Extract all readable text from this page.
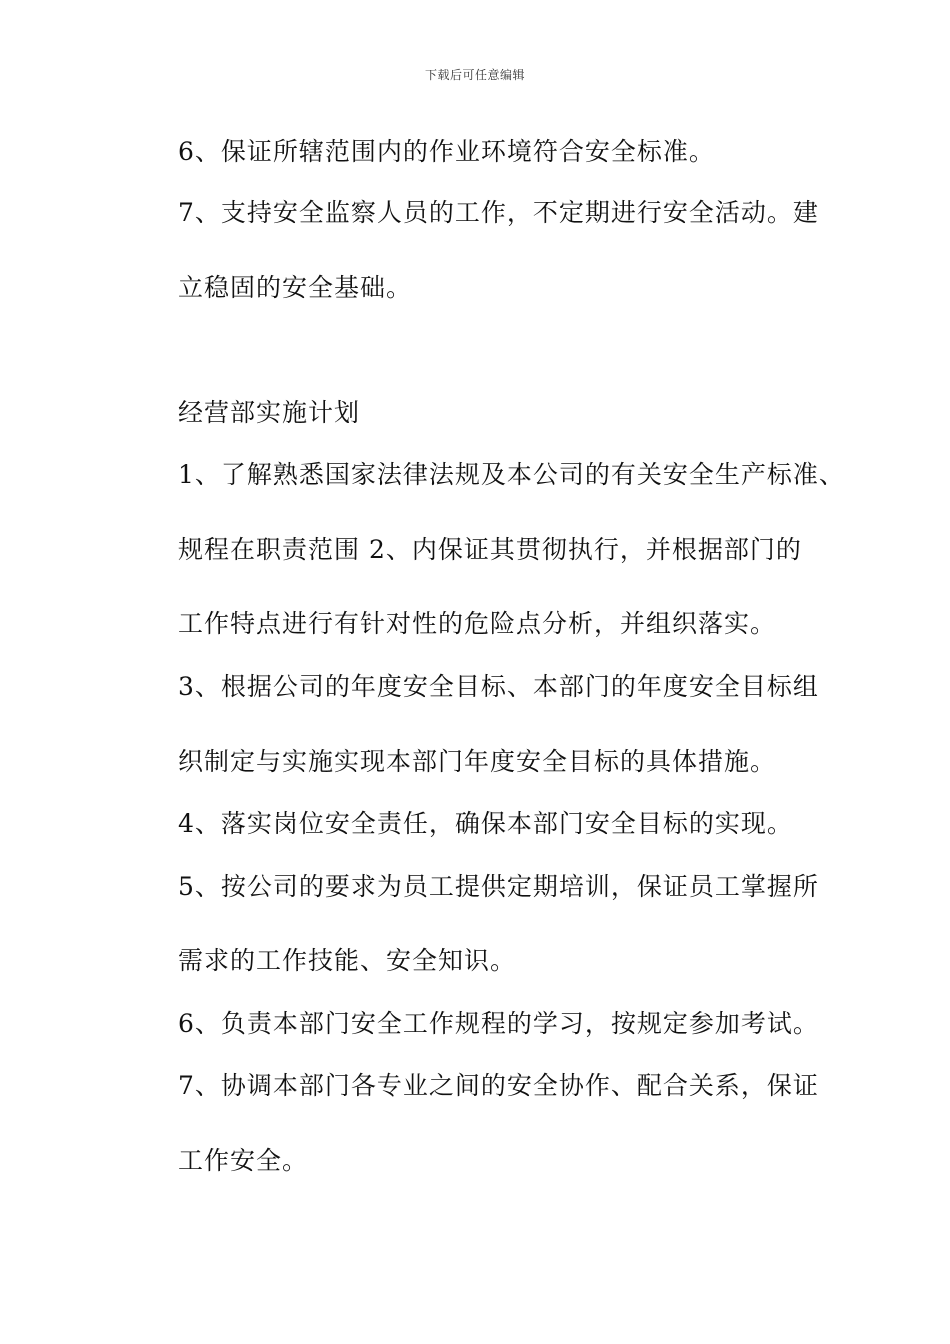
下载后可任意编辑
6、保证所辖范围内的作业环境符合安全标准。
7、支持安全监察人员的工作，不定期进行安全活动。建
立稳固的安全基础。
经营部实施计划
1、了解熟悉国家法律法规及本公司的有关安全生产标准、
规程在职责范围 2、内保证其贯彻执行，并根据部门的
工作特点进行有针对性的危险点分析，并组织落实。
3、根据公司的年度安全目标、本部门的年度安全目标组
织制定与实施实现本部门年度安全目标的具体措施。
4、落实岗位安全责任，确保本部门安全目标的实现。
5、按公司的要求为员工提供定期培训，保证员工掌握所
需求的工作技能、安全知识。
6、负责本部门安全工作规程的学习，按规定参加考试。
7、协调本部门各专业之间的安全协作、配合关系，保证
工作安全。
